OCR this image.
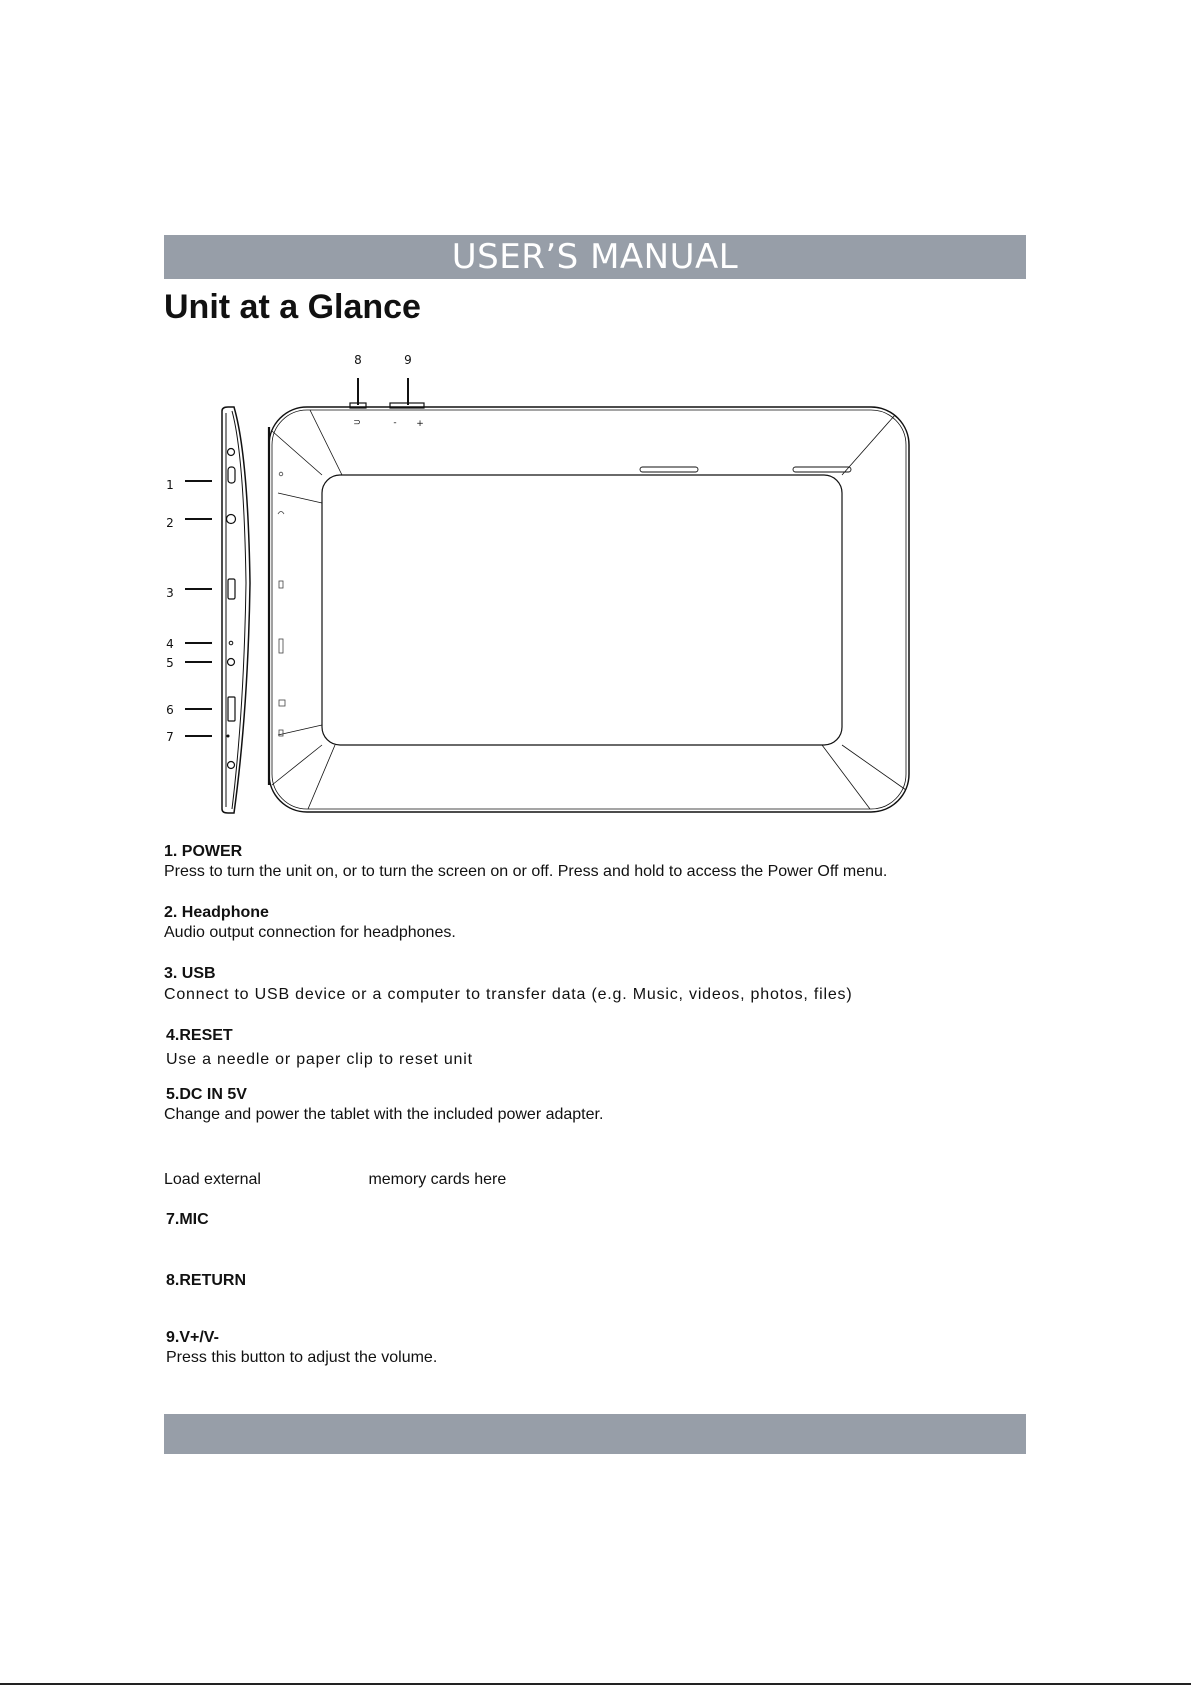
USER’S MANUAL
Unit at a Glance
8	9
1
2
3
4
5
6
7
⊃	- +
1. POWER
Press to turn the unit on, or to turn the screen on or off. Press and hold to access the Power Off menu.
2. Headphone
Audio output connection for headphones.
3. USB
Connect to USB device or a computer to transfer data (e.g. Music, videos, photos, files)
4.RESET
Use a needle or paper clip to reset unit
5.DC IN 5V
Change and power the tablet with the included power adapter.
Load external	memory cards here
7.MIC
8.RETURN
9.V+/V-
Press this button to adjust the volume.
